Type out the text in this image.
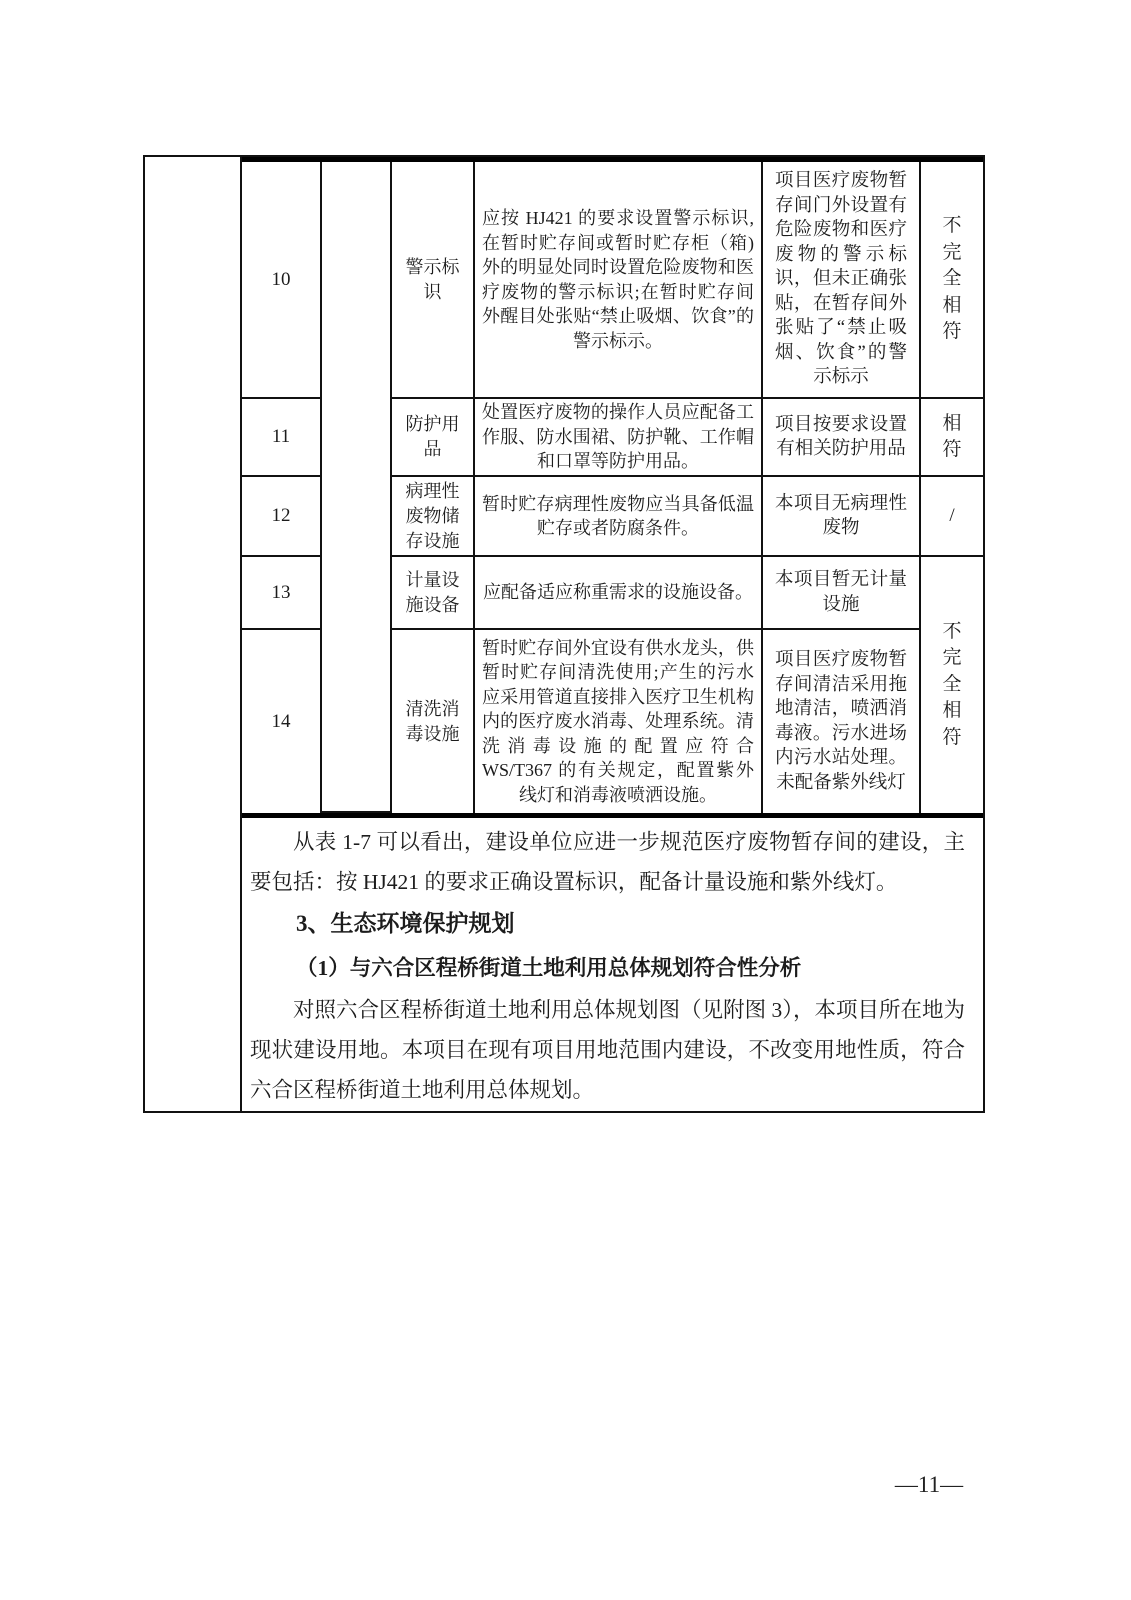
10
警示标识
应按 HJ421 的要求设置警示标识,在暂时贮存间或暂时贮存柜（箱)外的明显处同时设置危险废物和医疗废物的警示标识;在暂时贮存间外醒目处张贴“禁止吸烟、饮食”的警示标示。
项目医疗废物暂存间门外设置有危险废物和医疗废物的警示标识，但未正确张贴，在暂存间外张贴了“禁止吸烟、饮食”的警示标示
不完全相符
11
防护用品
处置医疗废物的操作人员应配备工作服、防水围裙、防护靴、工作帽和口罩等防护用品。
项目按要求设置有相关防护用品
相符
12
病理性废物储存设施
暂时贮存病理性废物应当具备低温贮存或者防腐条件。
本项目无病理性废物
/
13
计量设施设备
应配备适应称重需求的设施设备。
本项目暂无计量设施
不完全相符
14
清洗消毒设施
暂时贮存间外宜设有供水龙头，供暂时贮存间清洗使用;产生的污水应采用管道直接排入医疗卫生机构内的医疗废水消毒、处理系统。清洗消毒设施的配置应符合 WS/T367 的有关规定，配置紫外线灯和消毒液喷洒设施。
项目医疗废物暂存间清洁采用拖地清洁，喷洒消毒液。污水进场内污水站处理。未配备紫外线灯

从表 1-7 可以看出，建设单位应进一步规范医疗废物暂存间的建设，主要包括：按 HJ421 的要求正确设置标识，配备计量设施和紫外线灯。

3、生态环境保护规划
（1）与六合区程桥街道土地利用总体规划符合性分析

对照六合区程桥街道土地利用总体规划图（见附图 3），本项目所在地为现状建设用地。本项目在现有项目用地范围内建设，不改变用地性质，符合六合区程桥街道土地利用总体规划。

—11—
